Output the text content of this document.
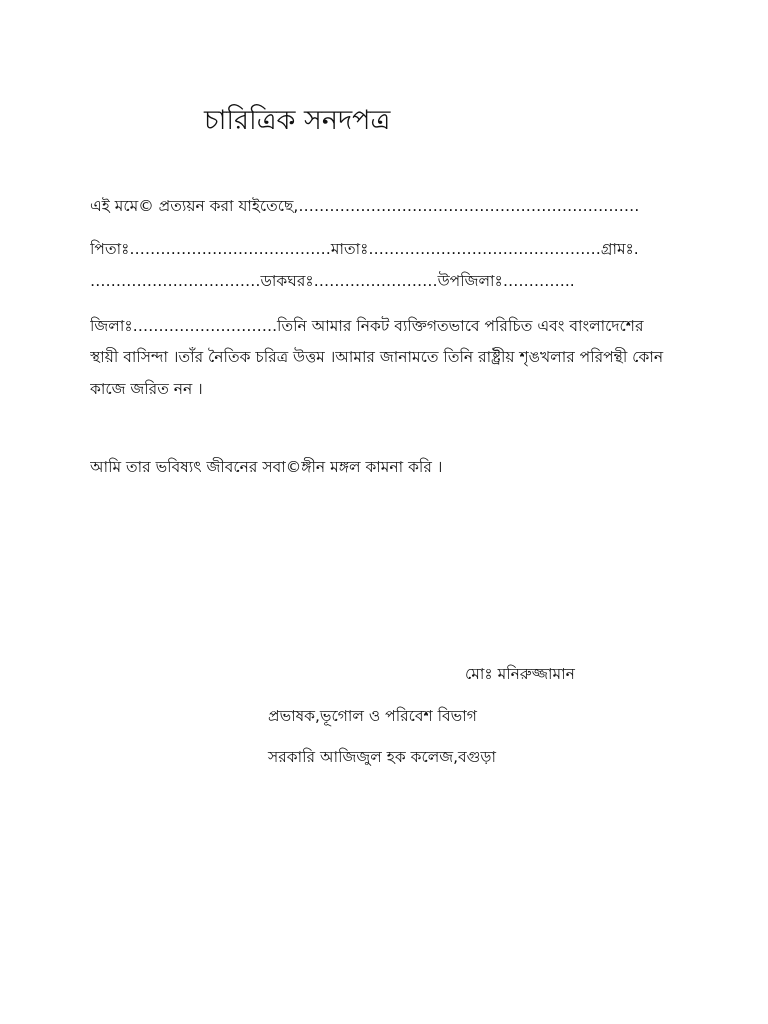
চারিত্রিক সনদপত্র
এই মমে© প্রত্যয়ন করা যাইতেছে,…………………………………………………………
পিতাঃ…………………………………মাতাঃ………………………………………গ্রামঃ.
……………………………ডাকঘরঃ……………………উপজিলাঃ…………..
জিলাঃ……………………….তিনি আমার নিকট ব্যক্তিগতভাবে পরিচিত এবং বাংলাদেশের
স্থায়ী বাসিন্দা ।তাঁর নৈতিক চরিত্র উত্তম ।আমার জানামতে তিনি রাষ্ট্রীয় শৃঙখলার পরিপন্থী কোন
কাজে জরিত নন ।
আমি তার ভবিষ্যৎ জীবনের সবা©ঙ্গীন মঙ্গল কামনা করি ।
মোঃ মনিরুজ্জামান
প্রভাষক,ভূগোল ও পরিবেশ বিভাগ
সরকারি আজিজুল হক কলেজ,বগুড়া
